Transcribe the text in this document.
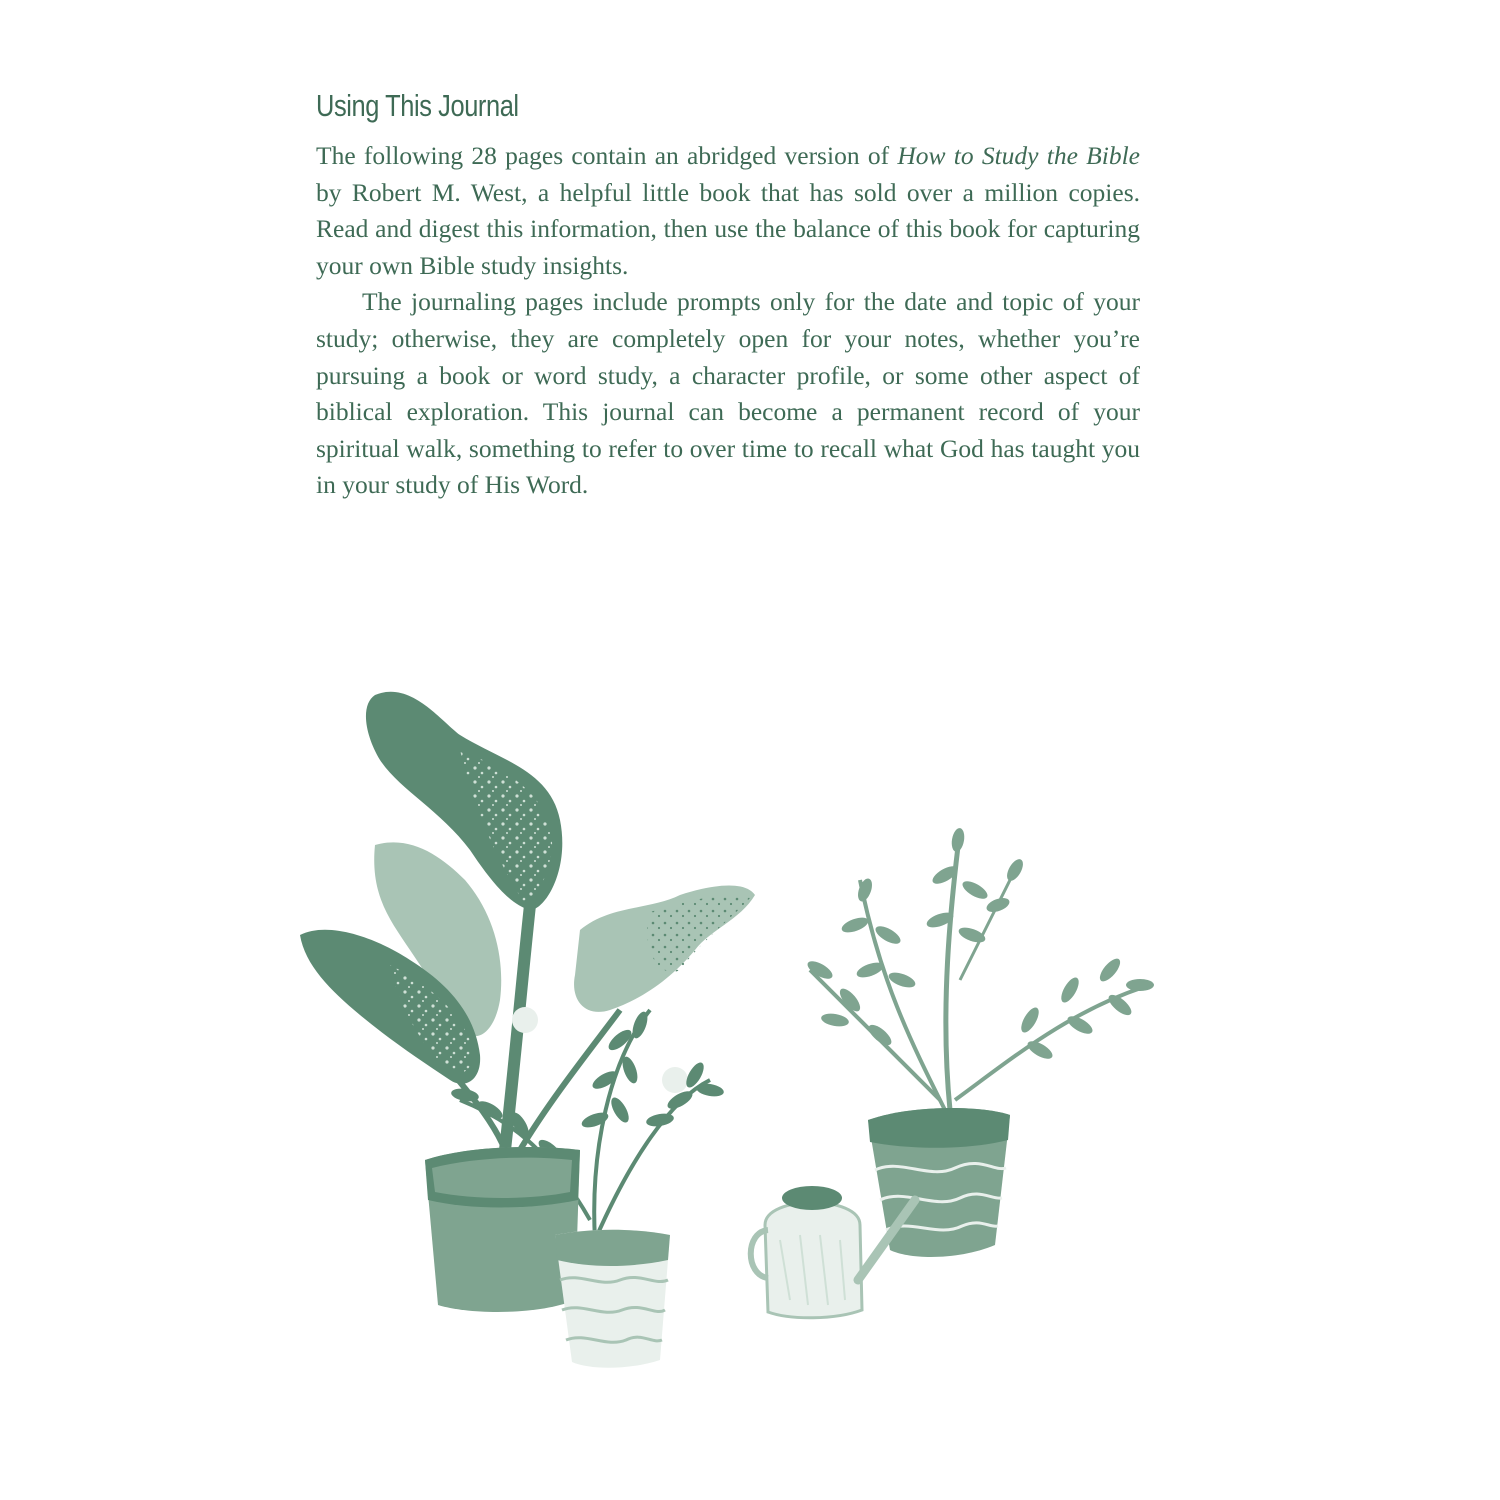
Using This Journal

The following 28 pages contain an abridged version of How to Study the Bible by Robert M. West, a helpful little book that has sold over a million copies. Read and digest this information, then use the balance of this book for capturing your own Bible study insights.

The journaling pages include prompts only for the date and topic of your study; otherwise, they are completely open for your notes, whether you’re pursuing a book or word study, a character profile, or some other aspect of biblical exploration. This journal can become a permanent record of your spiritual walk, something to refer to over time to recall what God has taught you in your study of His Word.
